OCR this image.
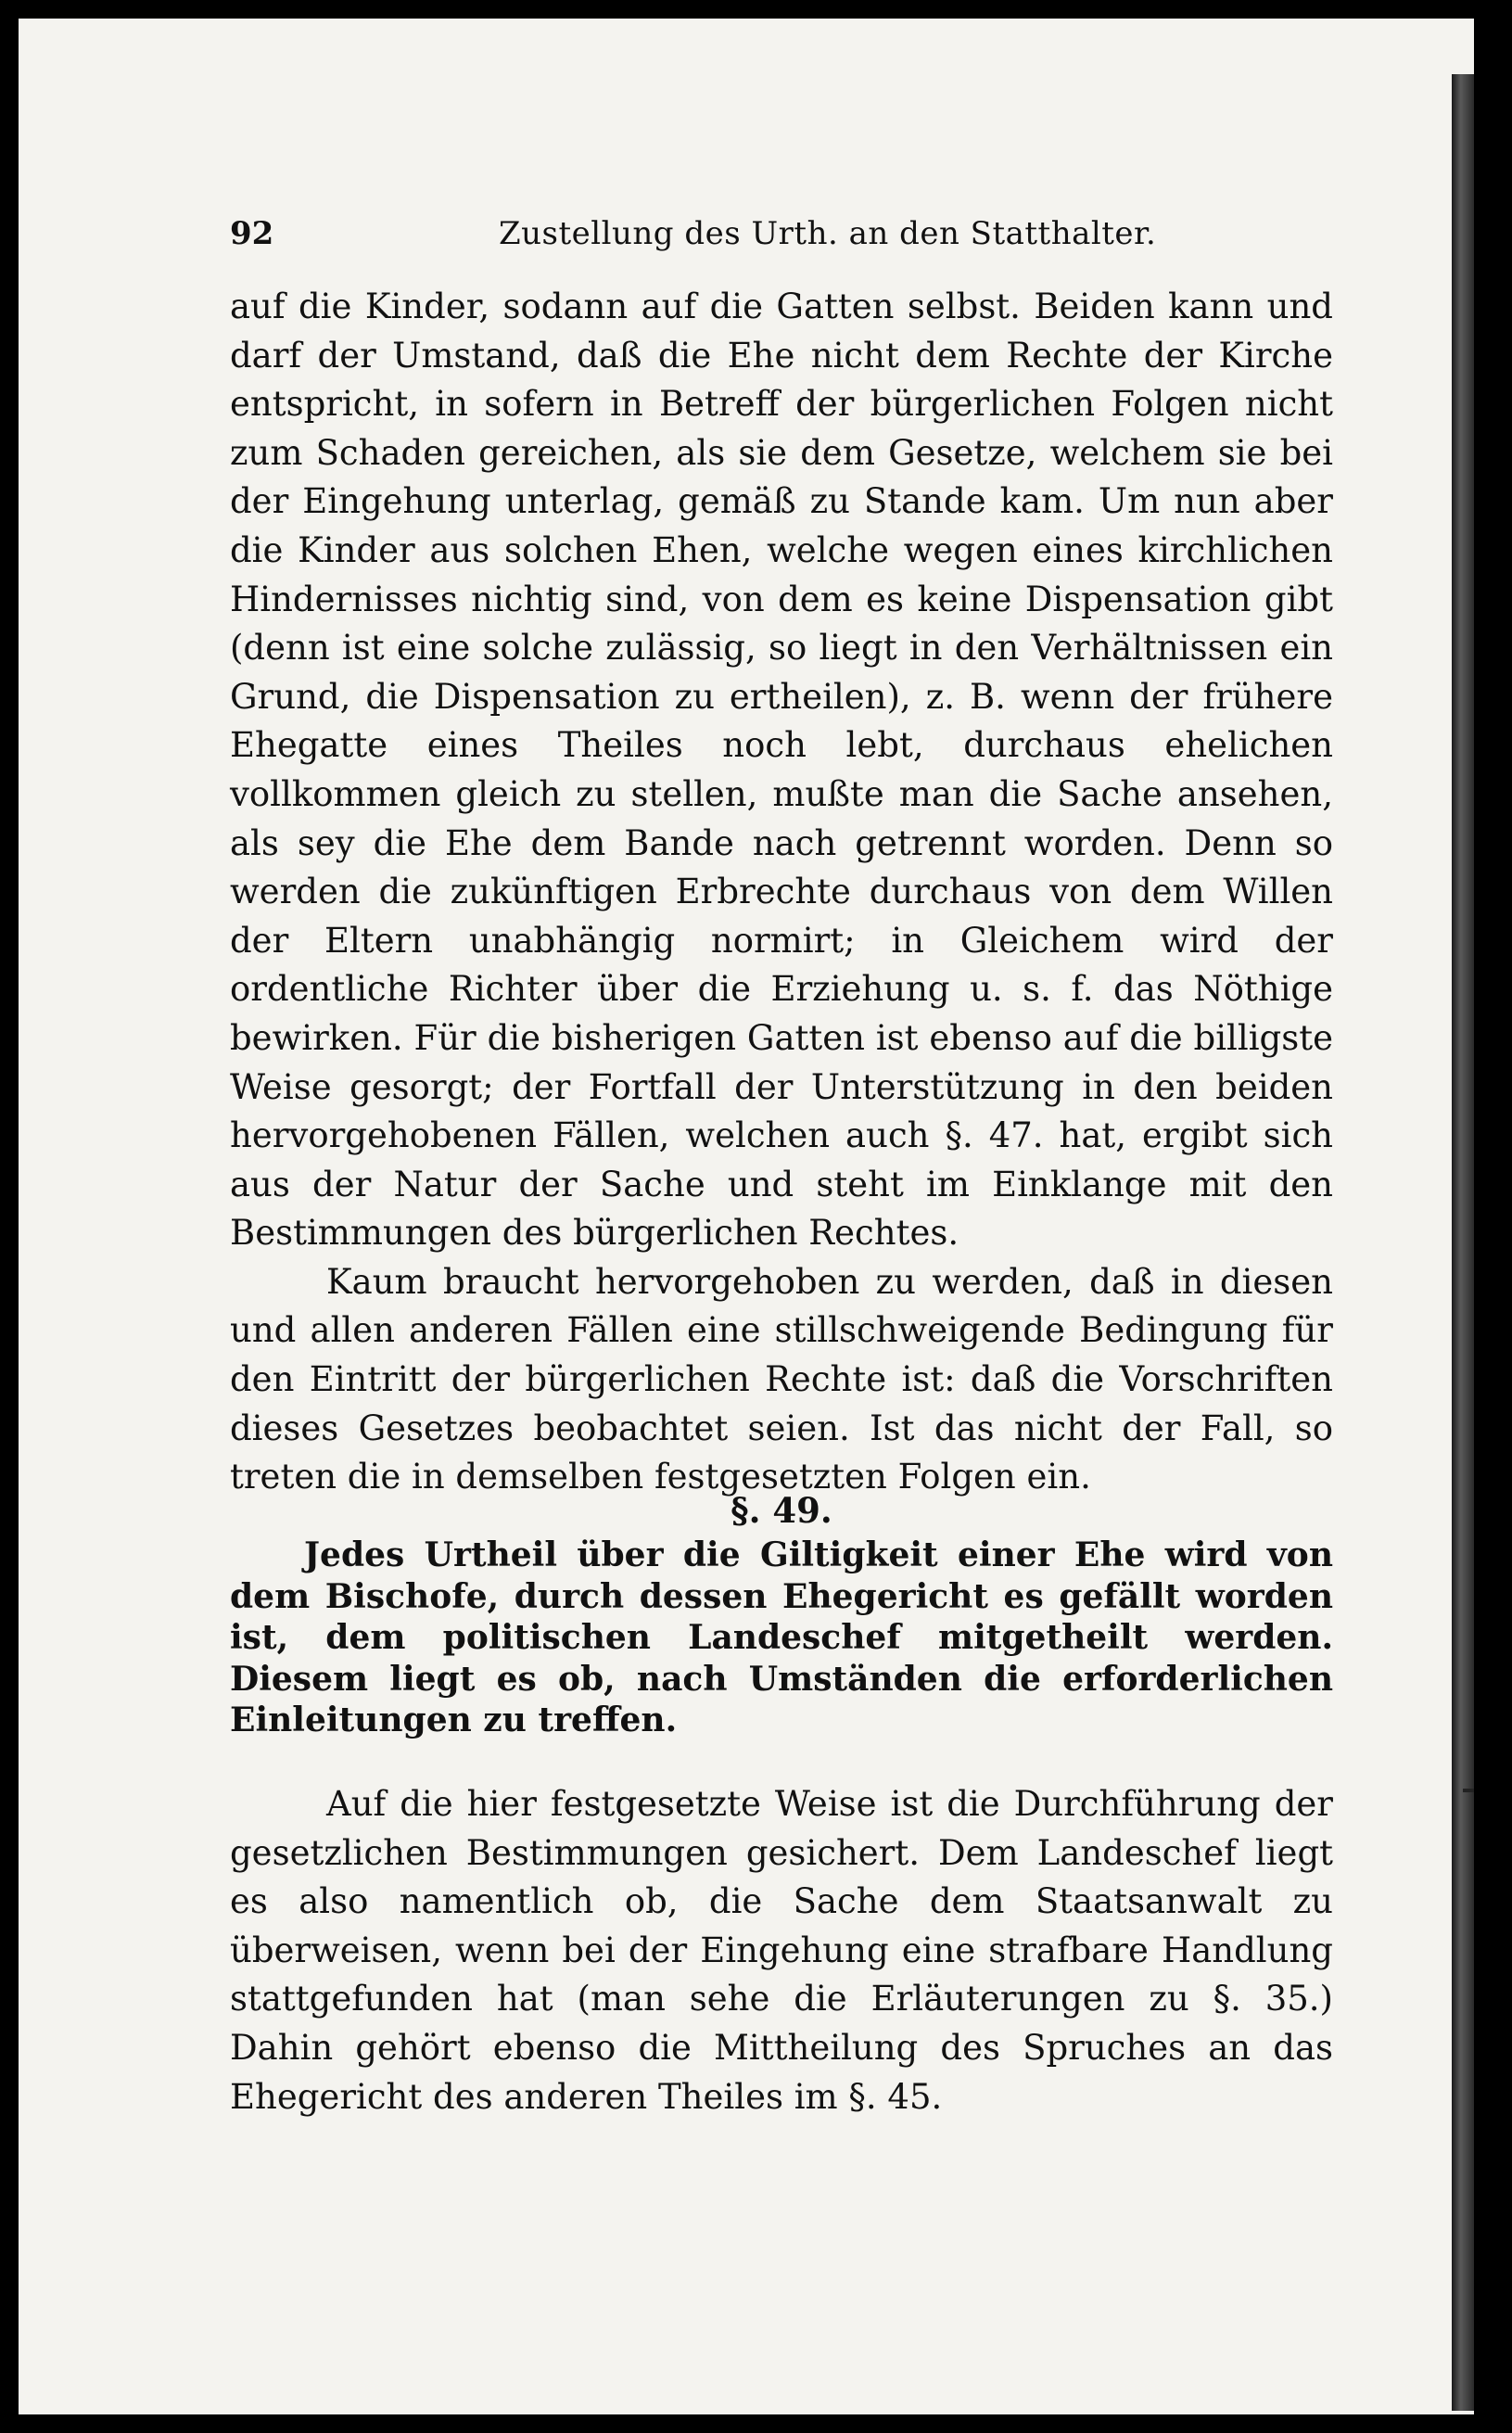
92	Zustellung des Urth. an den Statthalter.

auf die Kinder, sodann auf die Gatten selbst. Beiden kann und darf der Umstand, daß die Ehe nicht dem Rechte der Kirche entspricht, in sofern in Betreff der bürgerlichen Folgen nicht zum Schaden gereichen, als sie dem Gesetze, welchem sie bei der Eingehung unterlag, gemäß zu Stande kam. Um nun aber die Kinder aus solchen Ehen, welche wegen eines kirchlichen Hindernisses nichtig sind, von dem es keine Dispensation gibt (denn ist eine solche zulässig, so liegt in den Verhältnissen ein Grund, die Dispensation zu ertheilen), z. B. wenn der frühere Ehegatte eines Theiles noch lebt, durchaus ehelichen vollkommen gleich zu stellen, mußte man die Sache ansehen, als sey die Ehe dem Bande nach getrennt worden. Denn so werden die zukünftigen Erbrechte durchaus von dem Willen der Eltern unabhängig normirt; in Gleichem wird der ordentliche Richter über die Erziehung u. s. f. das Nöthige bewirken. Für die bisherigen Gatten ist ebenso auf die billigste Weise gesorgt; der Fortfall der Unterstützung in den beiden hervorgehobenen Fällen, welchen auch §. 47. hat, ergibt sich aus der Natur der Sache und steht im Einklange mit den Bestimmungen des bürgerlichen Rechtes.

Kaum braucht hervorgehoben zu werden, daß in diesen und allen anderen Fällen eine stillschweigende Bedingung für den Eintritt der bürgerlichen Rechte ist: daß die Vorschriften dieses Gesetzes beobachtet seien. Ist das nicht der Fall, so treten die in demselben festgesetzten Folgen ein.

§. 49.

Jedes Urtheil über die Giltigkeit einer Ehe wird von dem Bischofe, durch dessen Ehegericht es gefällt worden ist, dem politischen Landeschef mitgetheilt werden. Diesem liegt es ob, nach Umständen die erforderlichen Einleitungen zu treffen.

Auf die hier festgesetzte Weise ist die Durchführung der gesetzlichen Bestimmungen gesichert. Dem Landeschef liegt es also namentlich ob, die Sache dem Staatsanwalt zu überweisen, wenn bei der Eingehung eine strafbare Handlung stattgefunden hat (man sehe die Erläuterungen zu §. 35.) Dahin gehört ebenso die Mittheilung des Spruches an das Ehegericht des anderen Theiles im §. 45.
